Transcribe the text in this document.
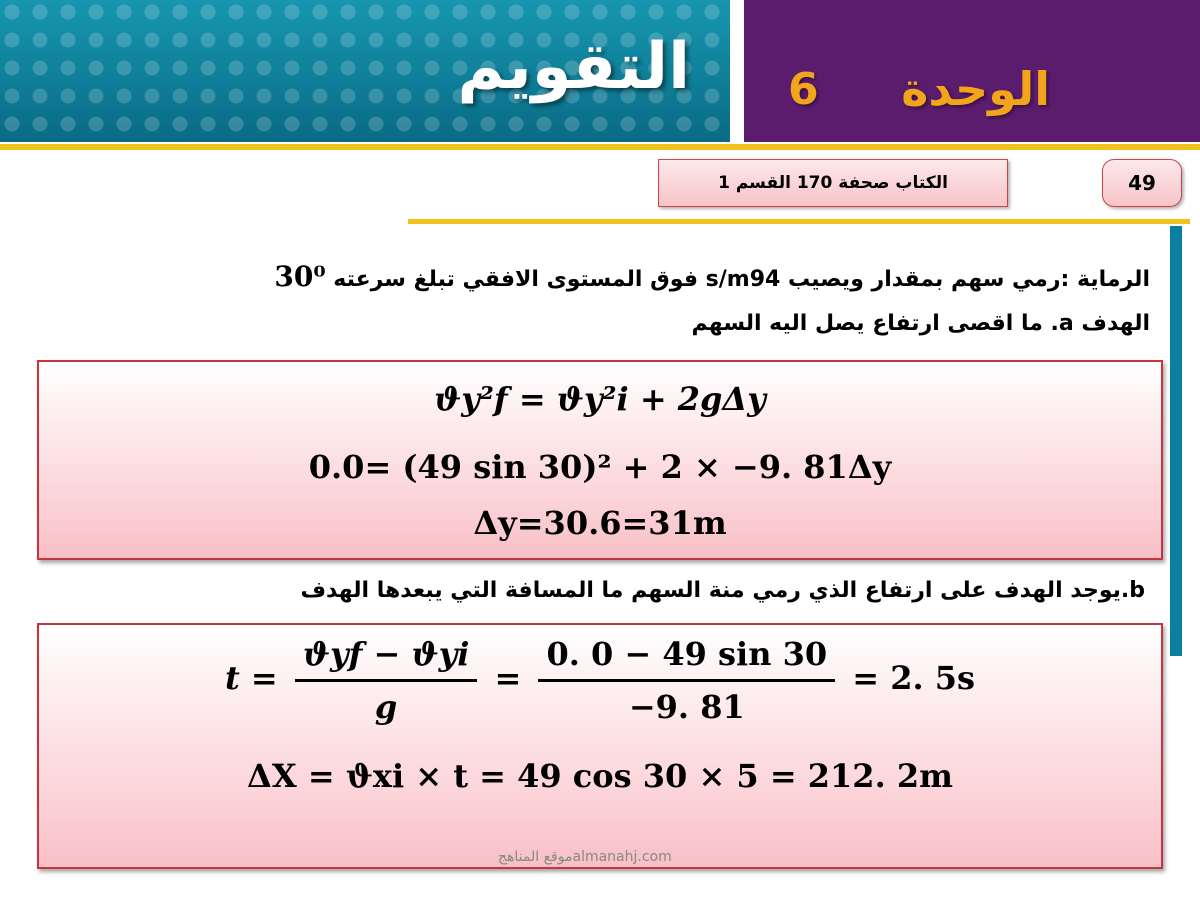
التقويم	الوحدة
6
الكتاب صحفة 170 القسم 1	49
الرماية :رمي سهم بمقدار ويصيب s/m94 فوق المستوى الافقي تبلغ سرعته 30⁰
الهدف a. ما اقصى ارتفاع يصل اليه السهم
ϑy²f = ϑy²i + 2gΔy
0.0= (49 sin 30)² + 2 × −9. 81Δy
Δy=30.6=31m
b.يوجد الهدف على ارتفاع الذي رمي منة السهم ما المسافة التي يبعدها الهدف
$t = \frac{\text{ϑyf − ϑyi}}{g} = \frac{0. 0 - 49 \sin 30}{-9. 81} = 2$. 5s
ΔX = ϑxi × t = 49 cos 30 × 5 = 212. 2m
موقع المناهجalmanahj.com
